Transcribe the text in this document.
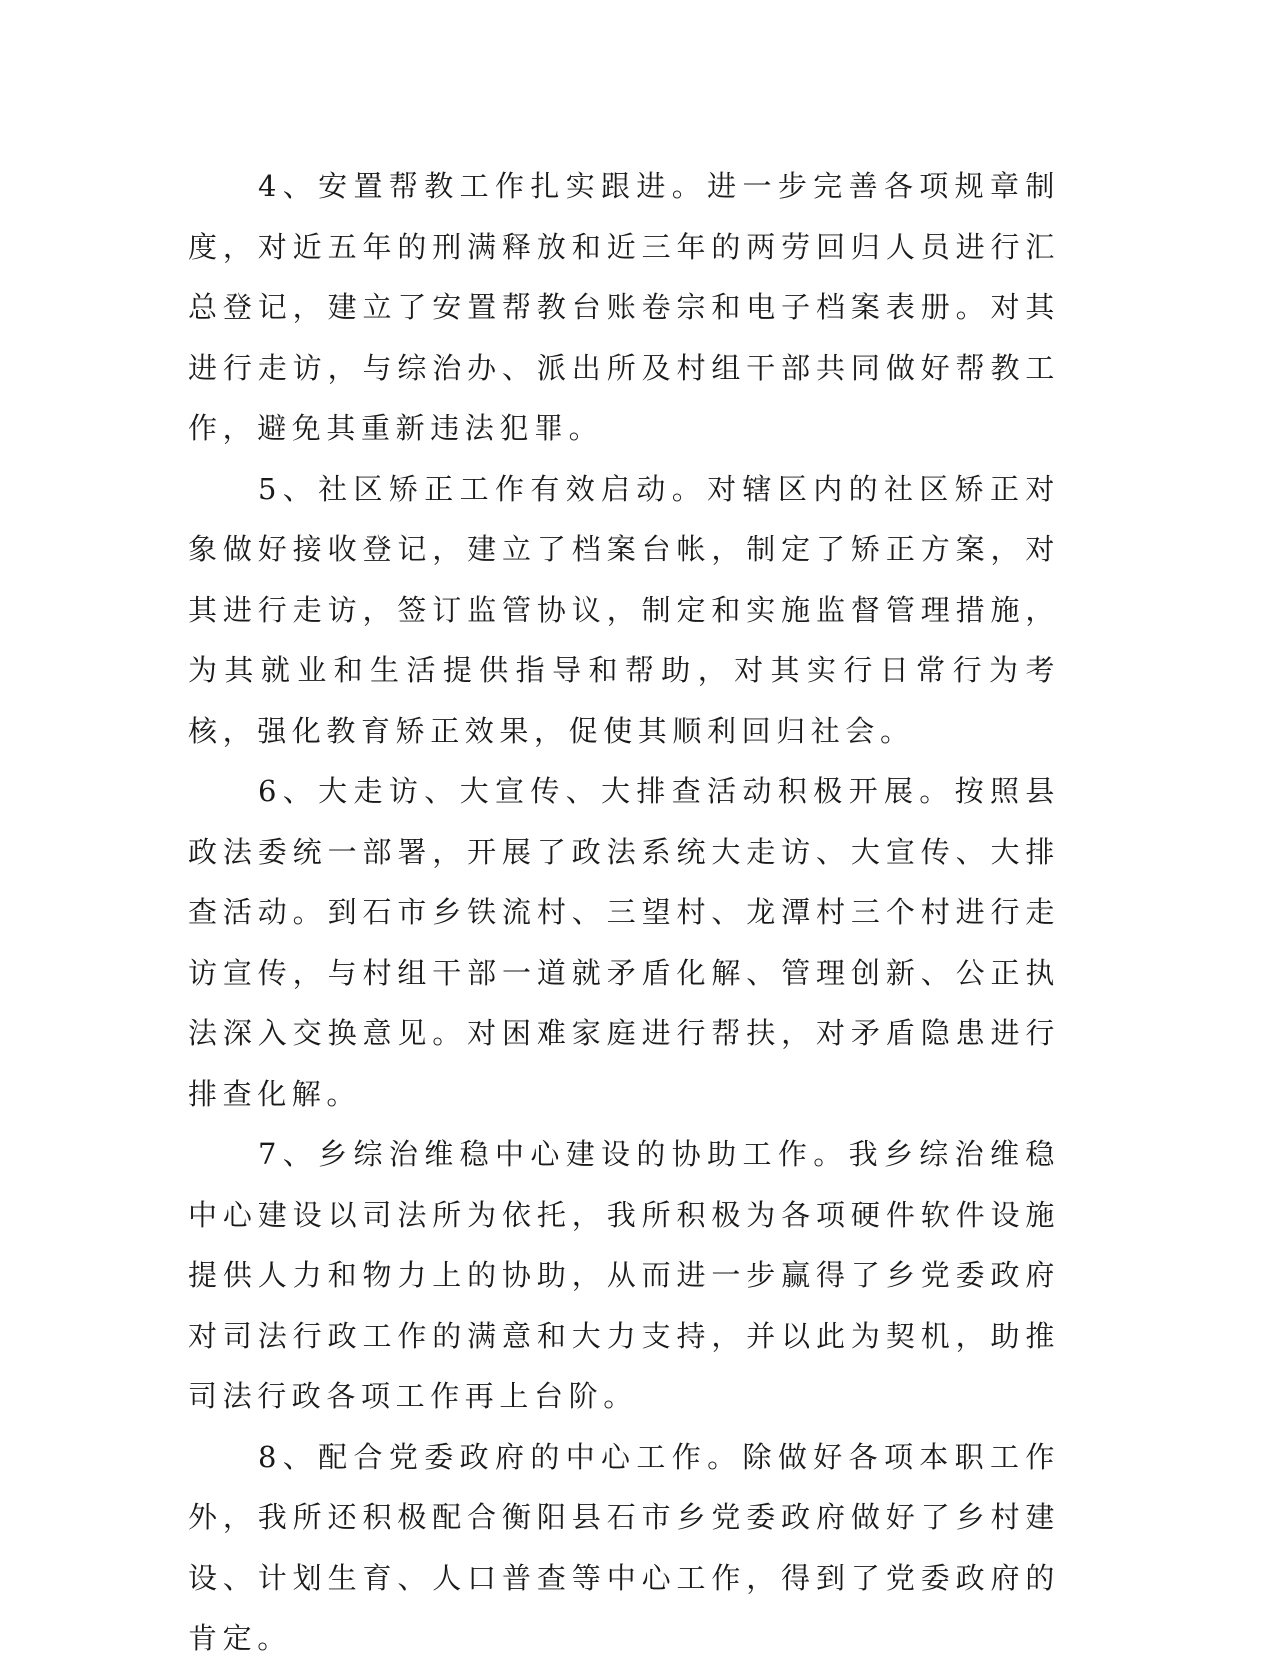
4、安置帮教工作扎实跟进。进一步完善各项规章制度，对近五年的刑满释放和近三年的两劳回归人员进行汇总登记，建立了安置帮教台账卷宗和电子档案表册。对其进行走访，与综治办、派出所及村组干部共同做好帮教工作，避免其重新违法犯罪。

5、社区矫正工作有效启动。对辖区内的社区矫正对象做好接收登记，建立了档案台帐，制定了矫正方案，对其进行走访，签订监管协议，制定和实施监督管理措施，为其就业和生活提供指导和帮助，对其实行日常行为考核，强化教育矫正效果，促使其顺利回归社会。

6、大走访、大宣传、大排查活动积极开展。按照县政法委统一部署，开展了政法系统大走访、大宣传、大排查活动。到石市乡铁流村、三望村、龙潭村三个村进行走访宣传，与村组干部一道就矛盾化解、管理创新、公正执法深入交换意见。对困难家庭进行帮扶，对矛盾隐患进行排查化解。

7、乡综治维稳中心建设的协助工作。我乡综治维稳中心建设以司法所为依托，我所积极为各项硬件软件设施提供人力和物力上的协助，从而进一步赢得了乡党委政府对司法行政工作的满意和大力支持，并以此为契机，助推司法行政各项工作再上台阶。

8、配合党委政府的中心工作。除做好各项本职工作外，我所还积极配合衡阳县石市乡党委政府做好了乡村建设、计划生育、人口普查等中心工作，得到了党委政府的肯定。
